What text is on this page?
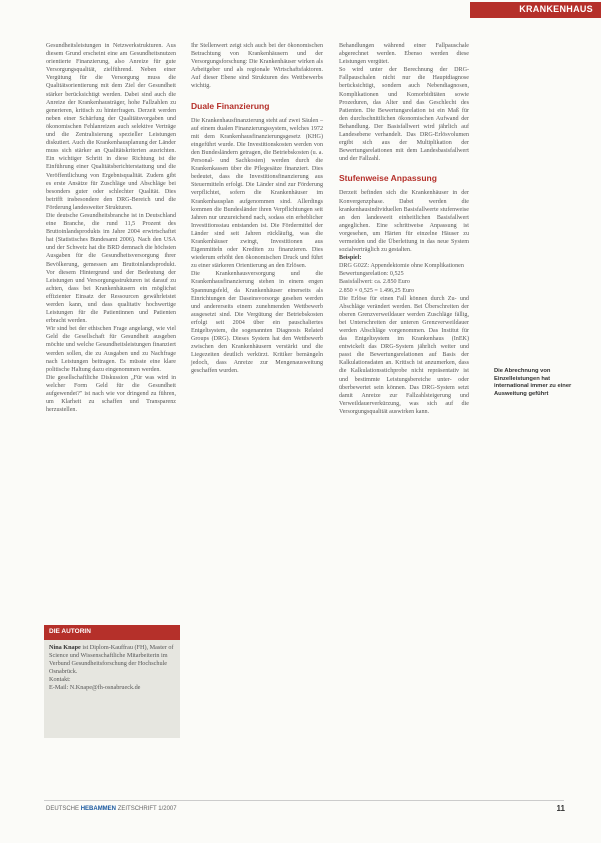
KRANKENHAUS

Gesundheitsleistungen in Netzwerkstrukturen. Aus diesem Grund erscheint eine am Gesundheitsnutzen orientierte Finanzierung, also Anreize für gute Versorgungsqualität, zielführend. Neben einer Vergütung für die Versorgung muss die Qualitätsorientierung mit dem Ziel der Gesundheit stärker berücksichtigt werden. Dabei sind auch die Anreize der Krankenhausträger, hohe Fallzahlen zu generieren, kritisch zu hinterfragen. Derzeit werden neben einer Schärfung der Qualitätsvorgaben und ökonomischen Fehlanreizen auch selektive Verträge und die Zentralisierung spezieller Leistungen diskutiert. Auch die Krankenhausplanung der Länder muss sich stärker an Qualitätskriterien ausrichten. Ein wichtiger Schritt in diese Richtung ist die Einführung einer Qualitätsberichterstattung und die Veröffentlichung von Ergebnisqualität. Zudem gibt es erste Ansätze für Zuschläge und Abschläge bei besonders guter oder schlechter Qualität. Dies betrifft insbesondere den DRG-Bereich und die Förderung landesweiter Strukturen.

Die deutsche Gesundheitsbranche ist in Deutschland eine Branche, die rund 11,5 Prozent des Bruttoinlandsprodukts im Jahre 2004 erwirtschaftet hat (Statistisches Bundesamt 2006). Nach den USA und der Schweiz hat die BRD demnach die höchsten Ausgaben für die Gesundheitsversorgung ihrer Bevölkerung, gemessen am Bruttoinlandsprodukt. Vor diesem Hintergrund und der Bedeutung der Leistungen und Versorgungsstrukturen ist darauf zu achten, dass bei Krankenhäusern ein möglichst effizienter Einsatz der Ressourcen gewährleistet werden kann, und dass qualitativ hochwertige Leistungen für die Patientinnen und Patienten erbracht werden.

Wir sind bei der ethischen Frage angelangt, wie viel Geld die Gesellschaft für Gesundheit ausgeben möchte und welche Gesundheitsleistungen finanziert werden sollen, die zu Ausgaben und zu Nachfrage nach Leistungen beitragen. Es müsste eine klare politische Haltung dazu eingenommen werden.

Die gesellschaftliche Diskussion „Für was wird in welcher Form Geld für die Gesundheit aufgewendet?" ist nach wie vor dringend zu führen, um Klarheit zu schaffen und Transparenz herzustellen.

DIE AUTORIN
Nina Knape ist Diplom-Kauffrau (FH), Master of Science und Wissenschaftliche Mitarbeiterin im Verbund Gesundheitsforschung der Hochschule Osnabrück.
Kontakt:
E-Mail: N.Knape@fh-osnabrueck.de

Ihr Stellenwert zeigt sich auch bei der ökonomischen Betrachtung von Krankenhäusern und der Versorgungsforschung: Die Krankenhäuser wirken als Arbeitgeber und als regionale Wirtschaftsfaktoren. Auf dieser Ebene sind Strukturen des Wettbewerbs wichtig.

Duale Finanzierung

Die Krankenhausfinanzierung steht auf zwei Säulen – auf einem dualen Finanzierungssystem, welches 1972 mit dem Krankenhausfinanzierungsgesetz (KHG) eingeführt wurde. Die Investitionskosten werden von den Bundesländern getragen, die Betriebskosten (u. a. Personal- und Sachkosten) werden durch die Krankenkassen über die Pflegesätze finanziert. Dies bedeutet, dass die Investitionsfinanzierung aus Steuermitteln erfolgt. Die Länder sind zur Förderung verpflichtet, sofern die Krankenhäuser im Krankenhausplan aufgenommen sind. Allerdings kommen die Bundesländer ihren Verpflichtungen seit Jahren nur unzureichend nach, sodass ein erheblicher Investitionsstau entstanden ist. Die Fördermittel der Länder sind seit Jahren rückläufig, was die Krankenhäuser zwingt, Investitionen aus Eigenmitteln oder Krediten zu finanzieren. Dies wiederum erhöht den ökonomischen Druck und führt zu einer stärkeren Orientierung an den Erlösen.

Die Krankenhausversorgung und die Krankenhausfinanzierung stehen in einem engen Spannungsfeld, da Krankenhäuser einerseits als Einrichtungen der Daseinsvorsorge gesehen werden und andererseits einem zunehmenden Wettbewerb ausgesetzt sind. Die Vergütung der Betriebskosten erfolgt seit 2004 über ein pauschaliertes Entgeltsystem, die sogenannten Diagnosis Related Groups (DRG). Dieses System hat den Wettbewerb zwischen den Krankenhäusern verstärkt und die Liegezeiten deutlich verkürzt. Kritiker bemängeln jedoch, dass Anreize zur Mengenausweitung geschaffen wurden.

Behandlungen während einer Fallpauschale abgerechnet werden. Ebenso werden diese Leistungen vergütet.

So wird unter der Berechnung der DRG-Fallpauschalen nicht nur die Hauptdiagnose berücksichtigt, sondern auch Nebendiagnosen, Komplikationen und Komorbiditäten sowie Prozeduren, das Alter und das Geschlecht des Patienten. Die Bewertungsrelation ist ein Maß für den durchschnittlichen ökonomischen Aufwand der Behandlung. Der Basisfallwert wird jährlich auf Landesebene verhandelt. Das DRG-Erlösvolumen ergibt sich aus der Multiplikation der Bewertungsrelationen mit dem Landesbasisfallwert und der Fallzahl.

Stufenweise Anpassung

Derzeit befinden sich die Krankenhäuser in der Konvergenzphase. Dabei werden die krankenhausindividuellen Basisfallwerte stufenweise an den landesweit einheitlichen Basisfallwert angeglichen. Eine schrittweise Anpassung ist vorgesehen, um Härten für einzelne Häuser zu vermeiden und die Überleitung in das neue System sozialverträglich zu gestalten.

Beispiel:

DRG G02Z: Appendektomie ohne Komplikationen

Bewertungsrelation: 0,525

Basisfallwert: ca. 2.850 Euro

2.850 × 0,525 = 1.496,25 Euro

Die Erlöse für einen Fall können durch Zu- und Abschläge verändert werden. Bei Überschreiten der oberen Grenzverweildauer werden Zuschläge fällig, bei Unterschreiten der unteren Grenzverweildauer werden Abschläge vorgenommen. Das Institut für das Entgeltsystem im Krankenhaus (InEK) entwickelt das DRG-System jährlich weiter und passt die Bewertungsrelationen auf Basis der Kalkulationsdaten an. Kritisch ist anzumerken, dass die Kalkulationsstichprobe nicht repräsentativ ist und bestimmte Leistungsbereiche unter- oder überbewertet sein können. Das DRG-System setzt damit Anreize zur Fallzahlsteigerung und Verweildauerverkürzung, was sich auf die Versorgungsqualität auswirken kann.

Die Abrechnung von Einzelleistungen hat international immer zu einer Ausweitung geführt
DEUTSCHE HEBAMMEN ZEITSCHRIFT 1/2007	11
